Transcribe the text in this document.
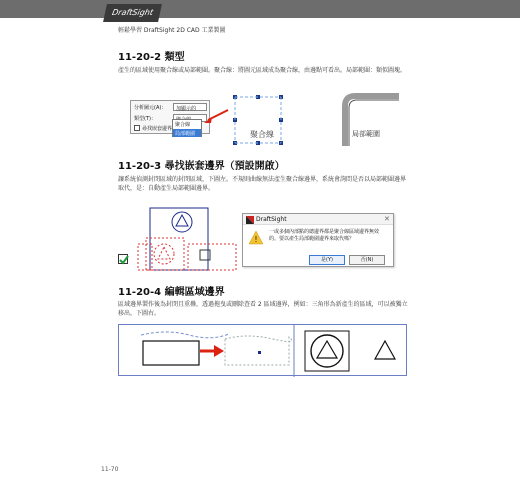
DraftSight
輕鬆學習 DraftSight 2D CAD 工業製圖
11-20-2 類型
產生的區域使用聚合線或局部範圍。聚合線：將圖元區域成為聚合線，由邊點可看出。局部範圍：類似圖塊。
分析圖元(A)： 加顯示的
類型(T)：
尋找嵌套邊界
聚合線
局部範圍	聚合線	局部範圍
11-20-3 尋找嵌套邊界（預設開啟）
讓系統偵測封閉區域的封閉區域，下圖左。不規則曲線無法產生聚合線邊界，系統會詢問是否以局部範圍邊界取代，是：自動產生局部範圍邊界。
DraftSight	✕
!
一或多個內部點的總邊界都是聚合線區域邊界無效的。要以產生局部範圍邊界來取代嗎？
是(Y)	否(N)
11-20-4 編輯區域邊界
區域邊界製作後為封閉且重疊，透過拖曳或刪除查看 2 區域邊界，例如：三角形為新產生的區域，可以被獨立移出，下圖右。
11-70
